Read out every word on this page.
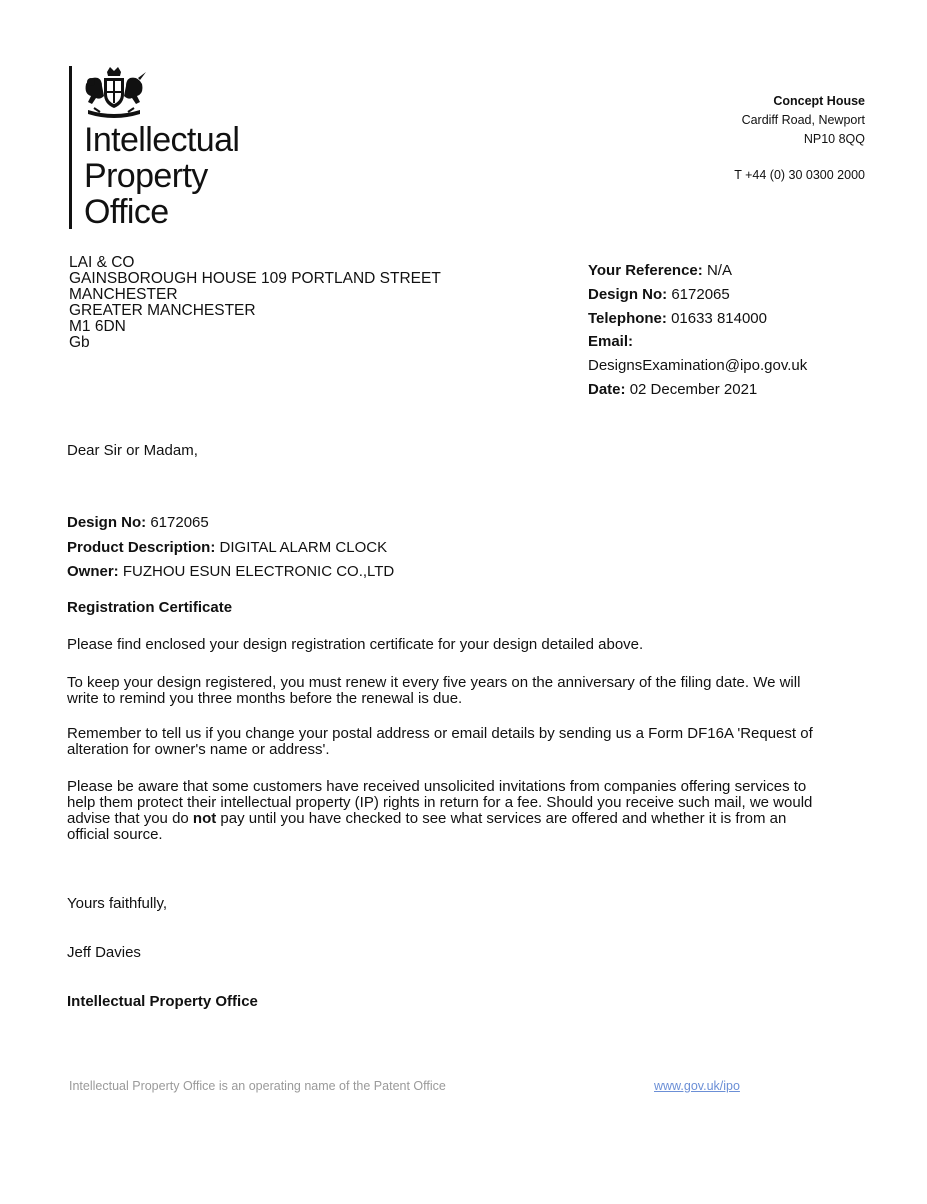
Intellectual
Property
Office
Concept House
Cardiff Road, Newport
NP10 8QQ
T +44 (0) 30 0300 2000
LAI & CO
GAINSBOROUGH HOUSE 109 PORTLAND STREET
MANCHESTER
GREATER MANCHESTER
M1 6DN
Gb
Your Reference: N/A
Design No: 6172065
Telephone: 01633 814000
Email:
DesignsExamination@ipo.gov.uk
Date: 02 December 2021
Dear Sir or Madam,
Design No: 6172065
Product Description: DIGITAL ALARM CLOCK
Owner: FUZHOU ESUN ELECTRONIC CO.,LTD
Registration Certificate
Please find enclosed your design registration certificate for your design detailed above.
To keep your design registered, you must renew it every five years on the anniversary of the filing date. We will
write to remind you three months before the renewal is due.
Remember to tell us if you change your postal address or email details by sending us a Form DF16A 'Request of
alteration for owner's name or address'.
Please be aware that some customers have received unsolicited invitations from companies offering services to
help them protect their intellectual property (IP) rights in return for a fee. Should you receive such mail, we would
advise that you do not pay until you have checked to see what services are offered and whether it is from an
official source.
Yours faithfully,
Jeff Davies
Intellectual Property Office
Intellectual Property Office is an operating name of the Patent Office	www.gov.uk/ipo
